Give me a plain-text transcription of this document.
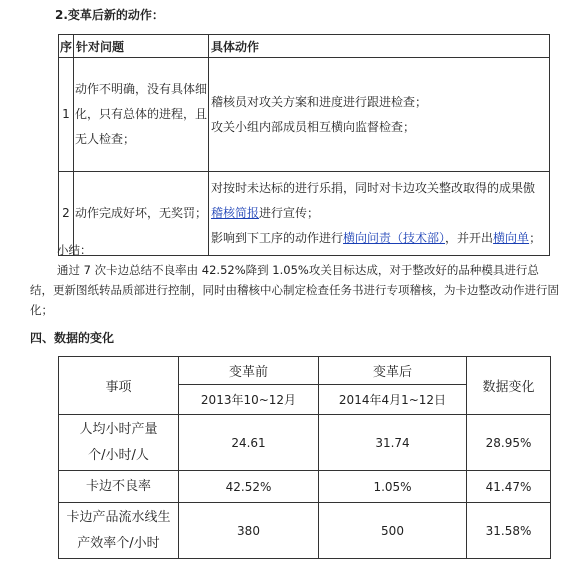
2.变革后新的动作：
序	针对问题	具体动作
1	动作不明确，没有具体细化，只有总体的进程，且无人检查；	稽核员对攻关方案和进度进行跟进检查；
攻关小组内部成员相互横向监督检查；

2	动作完成好坏，无奖罚；	对按时未达标的进行乐捐，同时对卡边攻关整改取得的成果傲稽核简报进行宣传；
影响到下工序的动作进行横向问责（技术部），并开出横向单；

小结：

通过 7 次卡边总结不良率由 42.52%降到 1.05%攻关目标达成，对于整改好的品种模具进行总结，更新图纸转品质部进行控制，同时由稽核中心制定检查任务书进行专项稽核，为卡边整改动作进行固化；

四、数据的变化
事项	变革前	变革后	数据变化
	2013年10~12月	2014年4月1~12日	

人均小时产量
个/小时/人	24.61	31.74	28.95%

卡边不良率	42.52%	1.05%	41.47%

卡边产品流水线生
产效率个/小时	380	500	31.58%
